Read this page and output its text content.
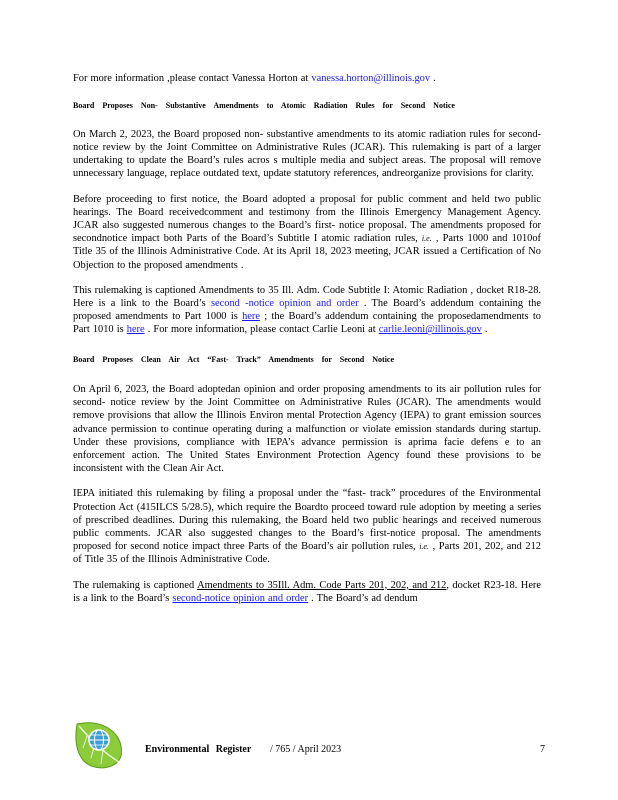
For more information ,please contact Vanessa Horton at vanessa.horton@illinois.gov .

Board Proposes Non- Substantive Amendments to Atomic Radiation Rules for Second Notice

On March 2, 2023, the Board proposed non- substantive amendments to its atomic radiation rules for second- notice review by the Joint Committee on Administrative Rules (JCAR). This rulemaking is part of a larger undertaking to update the Board’s rules acros s multiple media and subject areas. The proposal will remove unnecessary language, replace outdated text, update statutory references, andreorganize provisions for clarity.

Before proceeding to first notice, the Board adopted a proposal for public comment and held two public hearings. The Board receivedcomment and testimony from the Illinois Emergency Management Agency. JCAR also suggested numerous changes to the Board’s first- notice proposal. The amendments proposed for secondnotice impact both Parts of the Board’s Subtitle I atomic radiation rules, i.e. , Parts 1000 and 1010of Title 35 of the Illinois Administrative Code. At its April 18, 2023 meeting, JCAR issued a Certification of No Objection to the proposed amendments .

This rulemaking is captioned Amendments to 35 Ill. Adm. Code Subtitle I: Atomic Radiation , docket R18-28. Here is a link to the Board’s second -notice opinion and order . The Board’s addendum containing the proposed amendments to Part 1000 is here ; the Board’s addendum containing the proposedamendments to Part 1010 is here . For more information, please contact Carlie Leoni at carlie.leoni@illinois.gov .

Board Proposes Clean Air Act “Fast- Track” Amendments for Second Notice

On April 6, 2023, the Board adoptedan opinion and order proposing amendments to its air pollution rules for second- notice review by the Joint Committee on Administrative Rules (JCAR). The amendments would remove provisions that allow the Illinois Environ mental Protection Agency (IEPA) to grant emission sources advance permission to continue operating during a malfunction or violate emission standards during startup. Under these provisions, compliance with IEPA’s advance permission is aprima facie defens e to an enforcement action. The United States Environment Protection Agency found these provisions to be inconsistent with the Clean Air Act.

IEPA initiated this rulemaking by filing a proposal under the “fast- track” procedures of the Environmental Protection Act (415ILCS 5/28.5), which require the Boardto proceed toward rule adoption by meeting a series of prescribed deadlines. During this rulemaking, the Board held two public hearings and received numerous public comments. JCAR also suggested changes to the Board’s first-notice proposal. The amendments proposed for second notice impact three Parts of the Board’s air pollution rules, i.e. , Parts 201, 202, and 212 of Title 35 of the Illinois Administrative Code.

The rulemaking is captioned Amendments to 35Ill. Adm. Code Parts 201, 202, and 212, docket R23-18. Here is a link to the Board’s second-notice opinion and order . The Board’s ad dendum

Environmental Register / 765 / April 2023	7
